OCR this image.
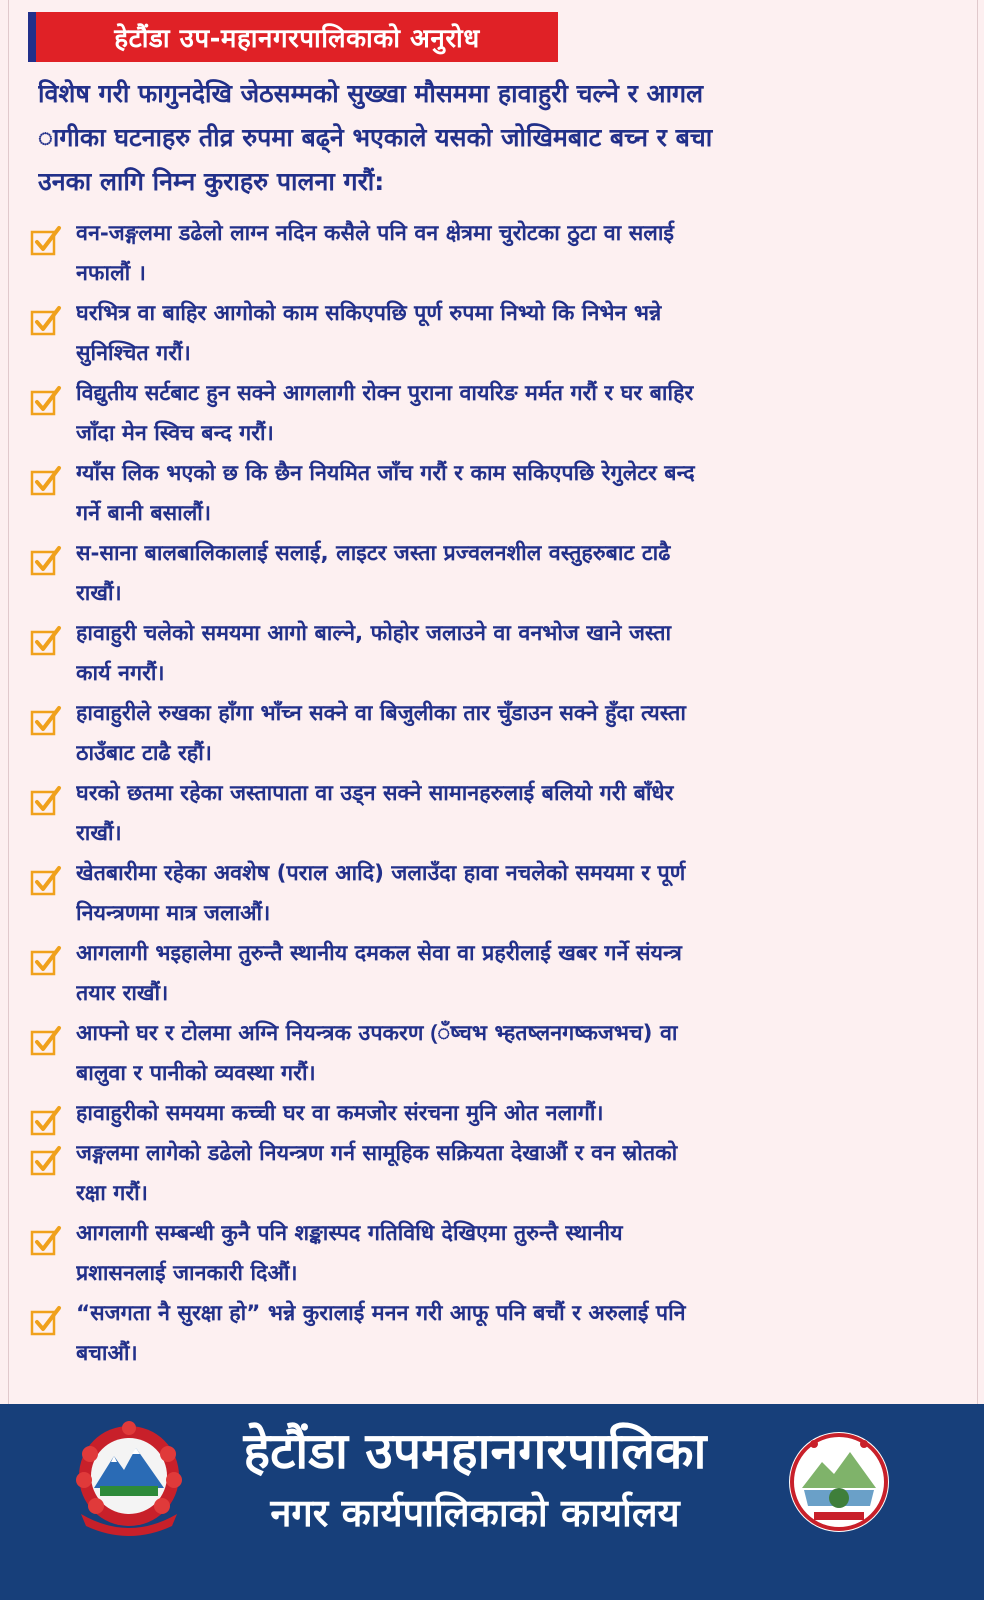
हेटौंडा उप-महानगरपालिकाको अनुरोध
विशेष गरी फागुनदेखि जेठसम्मको सुख्खा मौसममा हावाहुरी चल्ने र आगल
ागीका घटनाहरु तीव्र रुपमा बढ्ने भएकाले यसको जोखिमबाट बच्न र बचा
उनका लागि निम्न कुराहरु पालना गरौं:
वन-जङ्गलमा डढेलो लाग्न नदिन कसैले पनि वन क्षेत्रमा चुरोटका ठुटा वा सलाई
नफालौं ।
घरभित्र वा बाहिर आगोको काम सकिएपछि पूर्ण रुपमा निभ्यो कि निभेन भन्ने
सुनिश्चित गरौं।
विद्युतीय सर्टबाट हुन सक्ने आगलागी रोक्न पुराना वायरिङ मर्मत गरौं र घर बाहिर
जाँदा मेन स्विच बन्द गरौं।
ग्याँस लिक भएको छ कि छैन नियमित जाँच गरौं र काम सकिएपछि रेगुलेटर बन्द
गर्ने बानी बसालौं।
स-साना बालबालिकालाई सलाई, लाइटर जस्ता प्रज्वलनशील वस्तुहरुबाट टाढै
राखौं।
हावाहुरी चलेको समयमा आगो बाल्ने, फोहोर जलाउने वा वनभोज खाने जस्ता
कार्य नगरौं।
हावाहुरीले रुखका हाँगा भाँच्न सक्ने वा बिजुलीका तार चुँडाउन सक्ने हुँदा त्यस्ता
ठाउँबाट टाढै रहौं।
घरको छतमा रहेका जस्तापाता वा उड्न सक्ने सामानहरुलाई बलियो गरी बाँधेर
राखौं।
खेतबारीमा रहेका अवशेष (पराल आदि) जलाउँदा हावा नचलेको समयमा र पूर्ण
नियन्त्रणमा मात्र जलाऔं।
आगलागी भइहालेमा तुरुन्तै स्थानीय दमकल सेवा वा प्रहरीलाई खबर गर्ने संयन्त्र
तयार राखौं।
आफ्नो घर र टोलमा अग्नि नियन्त्रक उपकरण (ँष्चभ भ्हतष्लनगष्कजभच) वा
बालुवा र पानीको व्यवस्था गरौं।
हावाहुरीको समयमा कच्ची घर वा कमजोर संरचना मुनि ओत नलागौं।
जङ्गलमा लागेको डढेलो नियन्त्रण गर्न सामूहिक सक्रियता देखाऔं र वन स्रोतको
रक्षा गरौं।
आगलागी सम्बन्धी कुनै पनि शङ्कास्पद गतिविधि देखिएमा तुरुन्तै स्थानीय
प्रशासनलाई जानकारी दिऔं।
“सजगता नै सुरक्षा हो” भन्ने कुरालाई मनन गरी आफू पनि बचौं र अरुलाई पनि
बचाऔं।
हेटौंडा उपमहानगरपालिका
नगर कार्यपालिकाको कार्यालय
